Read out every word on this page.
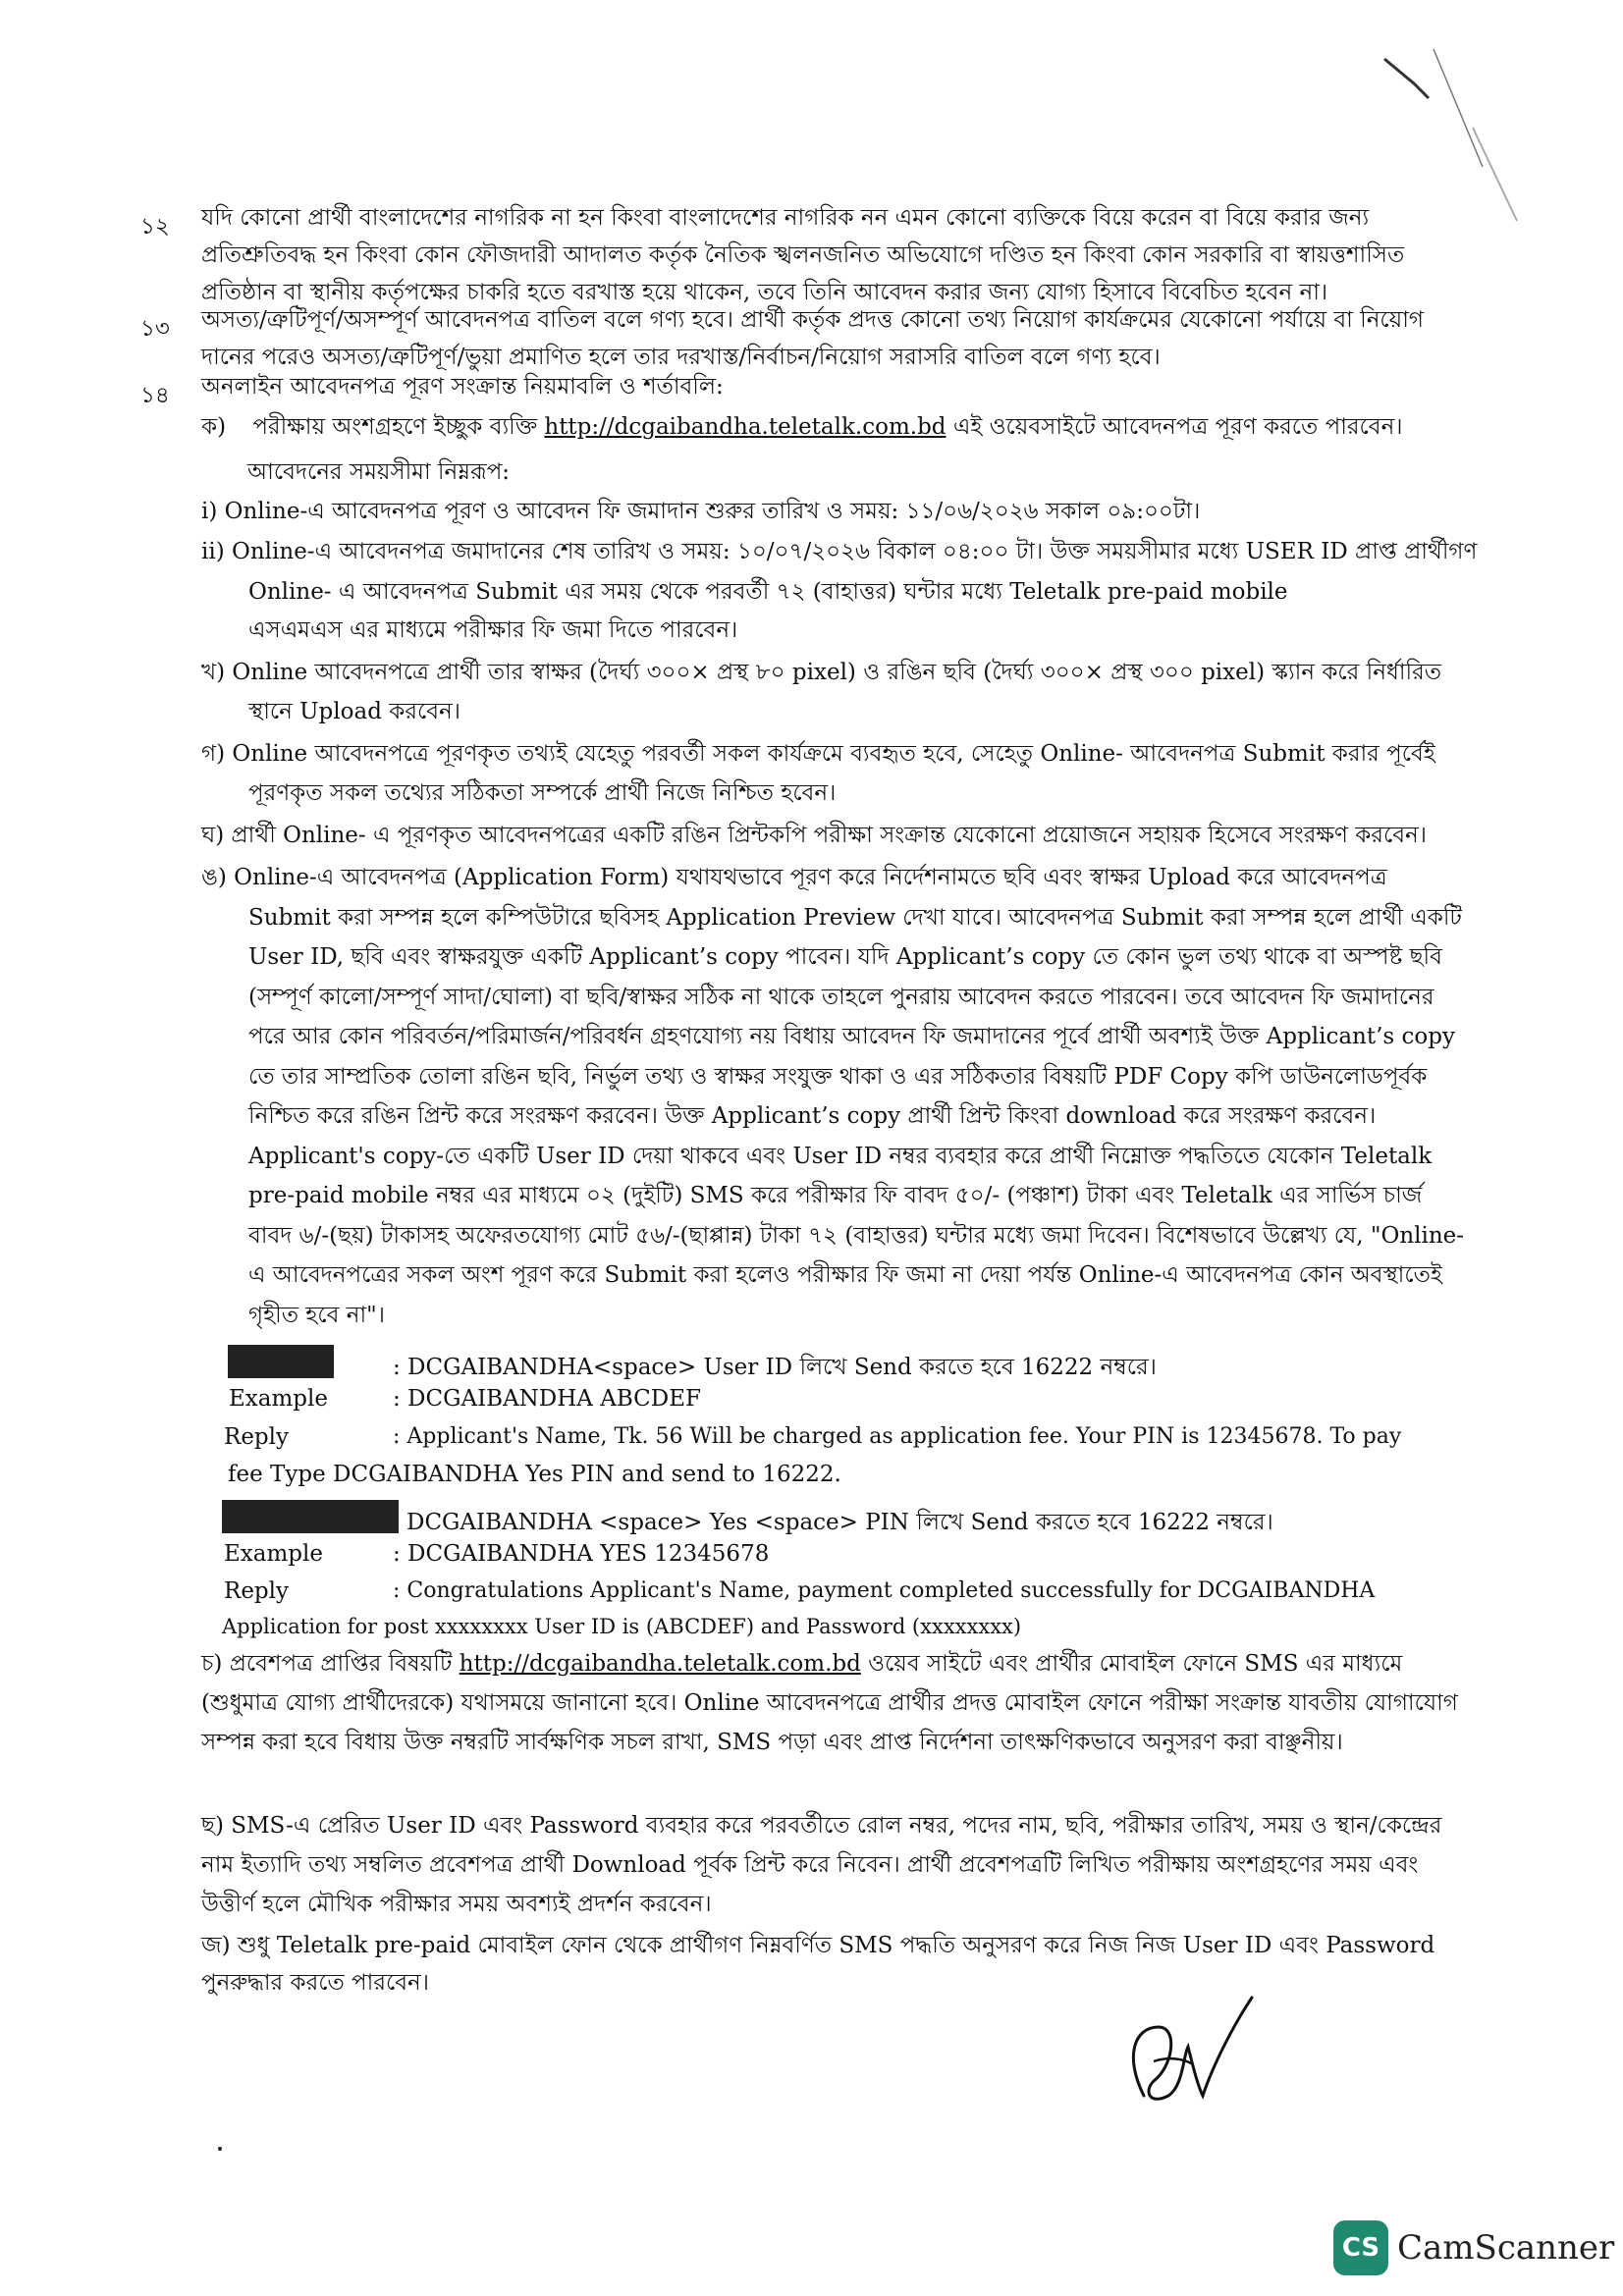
১২ যদি কোনো প্রার্থী বাংলাদেশের নাগরিক না হন কিংবা বাংলাদেশের নাগরিক নন এমন কোনো ব্যক্তিকে বিয়ে করেন বা বিয়ে করার জন্য প্রতিশ্রুতিবদ্ধ হন কিংবা কোন ফৌজদারী আদালত কর্তৃক নৈতিক স্খলনজনিত অভিযোগে দণ্ডিত হন কিংবা কোন সরকারি বা স্বায়ত্তশাসিত প্রতিষ্ঠান বা স্থানীয় কর্তৃপক্ষের চাকরি হতে বরখাস্ত হয়ে থাকেন, তবে তিনি আবেদন করার জন্য যোগ্য হিসাবে বিবেচিত হবেন না।

১৩ অসত্য/ত্রুটিপূর্ণ/অসম্পূর্ণ আবেদনপত্র বাতিল বলে গণ্য হবে। প্রার্থী কর্তৃক প্রদত্ত কোনো তথ্য নিয়োগ কার্যক্রমের যেকোনো পর্যায়ে বা নিয়োগ দানের পরেও অসত্য/ত্রুটিপূর্ণ/ভুয়া প্রমাণিত হলে তার দরখাস্ত/নির্বাচন/নিয়োগ সরাসরি বাতিল বলে গণ্য হবে।

১৪ অনলাইন আবেদনপত্র পূরণ সংক্রান্ত নিয়মাবলি ও শর্তাবলি:

ক) পরীক্ষায় অংশগ্রহণে ইচ্ছুক ব্যক্তি http://dcgaibandha.teletalk.com.bd এই ওয়েবসাইটে আবেদনপত্র পূরণ করতে পারবেন।
আবেদনের সময়সীমা নিম্নরূপ:
i) Online-এ আবেদনপত্র পূরণ ও আবেদন ফি জমাদান শুরুর তারিখ ও সময়: ১১/০৬/২০২৬ সকাল ০৯:০০টা।
ii) Online-এ আবেদনপত্র জমাদানের শেষ তারিখ ও সময়: ১০/০৭/২০২৬ বিকাল ০৪:০০ টা। উক্ত সময়সীমার মধ্যে USER ID প্রাপ্ত প্রার্থীগণ
Online- এ আবেদনপত্র Submit এর সময় থেকে পরবর্তী ৭২ (বাহাত্তর) ঘন্টার মধ্যে Teletalk pre-paid mobile
এসএমএস এর মাধ্যমে পরীক্ষার ফি জমা দিতে পারবেন।

খ) Online আবেদনপত্রে প্রার্থী তার স্বাক্ষর (দৈর্ঘ্য ৩০০× প্রস্থ ৮০ pixel) ও রঙিন ছবি (দৈর্ঘ্য ৩০০× প্রস্থ ৩০০ pixel) স্ক্যান করে নির্ধারিত স্থানে Upload করবেন।

গ) Online আবেদনপত্রে পূরণকৃত তথ্যই যেহেতু পরবর্তী সকল কার্যক্রমে ব্যবহৃত হবে, সেহেতু Online- আবেদনপত্র Submit করার পূর্বেই পূরণকৃত সকল তথ্যের সঠিকতা সম্পর্কে প্রার্থী নিজে নিশ্চিত হবেন।

ঘ) প্রার্থী Online- এ পূরণকৃত আবেদনপত্রের একটি রঙিন প্রিন্টকপি পরীক্ষা সংক্রান্ত যেকোনো প্রয়োজনে সহায়ক হিসেবে সংরক্ষণ করবেন।

ঙ) Online-এ আবেদনপত্র (Application Form) যথাযথভাবে পূরণ করে নির্দেশনামতে ছবি এবং স্বাক্ষর Upload করে আবেদনপত্র Submit করা সম্পন্ন হলে কম্পিউটারে ছবিসহ Application Preview দেখা যাবে। আবেদনপত্র Submit করা সম্পন্ন হলে প্রার্থী একটি User ID, ছবি এবং স্বাক্ষরযুক্ত একটি Applicant’s copy পাবেন। যদি Applicant’s copy তে কোন ভুল তথ্য থাকে বা অস্পষ্ট ছবি (সম্পূর্ণ কালো/সম্পূর্ণ সাদা/ঘোলা) বা ছবি/স্বাক্ষর সঠিক না থাকে তাহলে পুনরায় আবেদন করতে পারবেন। তবে আবেদন ফি জমাদানের পরে আর কোন পরিবর্তন/পরিমার্জন/পরিবর্ধন গ্রহণযোগ্য নয় বিধায় আবেদন ফি জমাদানের পূর্বে প্রার্থী অবশ্যই উক্ত Applicant’s copy তে তার সাম্প্রতিক তোলা রঙিন ছবি, নির্ভুল তথ্য ও স্বাক্ষর সংযুক্ত থাকা ও এর সঠিকতার বিষয়টি PDF Copy কপি ডাউনলোডপূর্বক নিশ্চিত করে রঙিন প্রিন্ট করে সংরক্ষণ করবেন। উক্ত Applicant’s copy প্রার্থী প্রিন্ট কিংবা download করে সংরক্ষণ করবেন। Applicant's copy-তে একটি User ID দেয়া থাকবে এবং User ID নম্বর ব্যবহার করে প্রার্থী নিম্নোক্ত পদ্ধতিতে যেকোন Teletalk pre-paid mobile নম্বর এর মাধ্যমে ০২ (দুইটি) SMS করে পরীক্ষার ফি বাবদ ৫০/- (পঞ্চাশ) টাকা এবং Teletalk এর সার্ভিস চার্জ বাবদ ৬/-(ছয়) টাকাসহ অফেরতযোগ্য মোট ৫৬/-(ছাপ্পান্ন) টাকা ৭২ (বাহাত্তর) ঘন্টার মধ্যে জমা দিবেন। বিশেষভাবে উল্লেখ্য যে, "Online-এ আবেদনপত্রের সকল অংশ পূরণ করে Submit করা হলেও পরীক্ষার ফি জমা না দেয়া পর্যন্ত Online-এ আবেদনপত্র কোন অবস্থাতেই গৃহীত হবে না"।

: DCGAIBANDHA<space> User ID লিখে Send করতে হবে 16222 নম্বরে।
Example	: DCGAIBANDHA ABCDEF
Reply	: Applicant's Name, Tk. 56 Will be charged as application fee. Your PIN is 12345678. To pay
fee Type DCGAIBANDHA Yes PIN and send to 16222.
DCGAIBANDHA <space> Yes <space> PIN লিখে Send করতে হবে 16222 নম্বরে।
Example	: DCGAIBANDHA YES 12345678
Reply	: Congratulations Applicant's Name, payment completed successfully for DCGAIBANDHA
Application for post xxxxxxxx User ID is (ABCDEF) and Password (xxxxxxxx)

চ) প্রবেশপত্র প্রাপ্তির বিষয়টি http://dcgaibandha.teletalk.com.bd ওয়েব সাইটে এবং প্রার্থীর মোবাইল ফোনে SMS এর মাধ্যমে (শুধুমাত্র যোগ্য প্রার্থীদেরকে) যথাসময়ে জানানো হবে। Online আবেদনপত্রে প্রার্থীর প্রদত্ত মোবাইল ফোনে পরীক্ষা সংক্রান্ত যাবতীয় যোগাযোগ সম্পন্ন করা হবে বিধায় উক্ত নম্বরটি সার্বক্ষণিক সচল রাখা, SMS পড়া এবং প্রাপ্ত নির্দেশনা তাৎক্ষণিকভাবে অনুসরণ করা বাঞ্ছনীয়।

ছ) SMS-এ প্রেরিত User ID এবং Password ব্যবহার করে পরবর্তীতে রোল নম্বর, পদের নাম, ছবি, পরীক্ষার তারিখ, সময় ও স্থান/কেন্দ্রের নাম ইত্যাদি তথ্য সম্বলিত প্রবেশপত্র প্রার্থী Download পূর্বক প্রিন্ট করে নিবেন। প্রার্থী প্রবেশপত্রটি লিখিত পরীক্ষায় অংশগ্রহণের সময় এবং উত্তীর্ণ হলে মৌখিক পরীক্ষার সময় অবশ্যই প্রদর্শন করবেন।

জ) শুধু Teletalk pre-paid মোবাইল ফোন থেকে প্রার্থীগণ নিম্নবর্ণিত SMS পদ্ধতি অনুসরণ করে নিজ নিজ User ID এবং Password পুনরুদ্ধার করতে পারবেন।

CS CamScanner
